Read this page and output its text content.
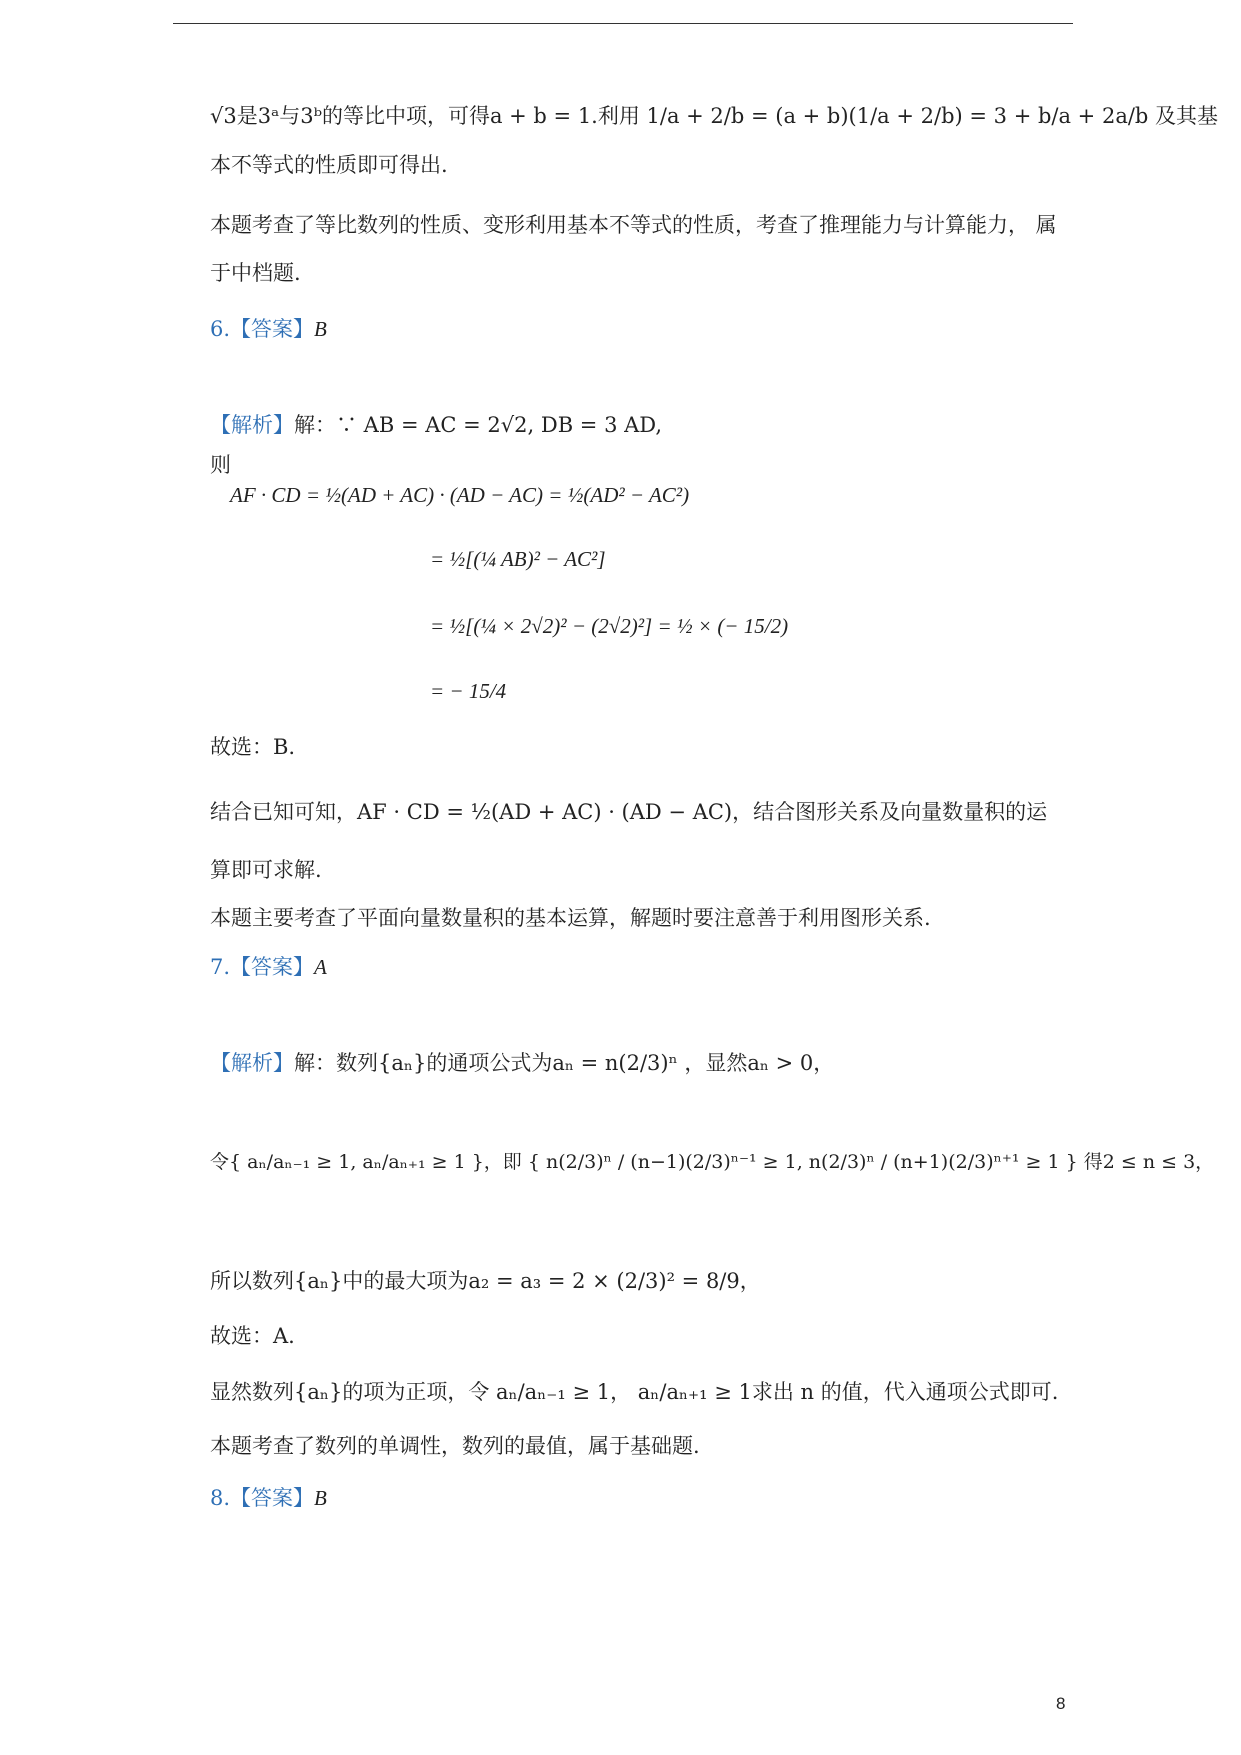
√3是3ᵃ与3ᵇ的等比中项，可得a + b = 1.利用 1/a + 2/b = (a + b)(1/a + 2/b) = 3 + b/a + 2a/b 及其基
本不等式的性质即可得出.
本题考查了等比数列的性质、变形利用基本不等式的性质，考查了推理能力与计算能力， 属
于中档题.
6.【答案】B
【解析】解：∵ AB = AC = 2√2, DB = 3 AD,
则
AF · CD = ½(AD + AC) · (AD − AC) = ½(AD² − AC²)
= ½[(¼ AB)² − AC²]
= ½[(¼ × 2√2)² − (2√2)²] = ½ × (− 15/2)
= − 15/4
故选：B.
结合已知可知，AF · CD = ½(AD + AC) · (AD − AC)，结合图形关系及向量数量积的运
算即可求解.
本题主要考查了平面向量数量积的基本运算，解题时要注意善于利用图形关系.
7.【答案】A
【解析】解：数列{aₙ}的通项公式为aₙ = n(2/3)ⁿ ，显然aₙ > 0，
令{ aₙ/aₙ₋₁ ≥ 1, aₙ/aₙ₊₁ ≥ 1 }，即 { n(2/3)ⁿ / (n−1)(2/3)ⁿ⁻¹ ≥ 1, n(2/3)ⁿ / (n+1)(2/3)ⁿ⁺¹ ≥ 1 } 得2 ≤ n ≤ 3，
所以数列{aₙ}中的最大项为a₂ = a₃ = 2 × (2/3)² = 8/9，
故选：A.
显然数列{aₙ}的项为正项，令 aₙ/aₙ₋₁ ≥ 1， aₙ/aₙ₊₁ ≥ 1求出 n 的值，代入通项公式即可.
本题考查了数列的单调性，数列的最值，属于基础题.
8.【答案】B
8
